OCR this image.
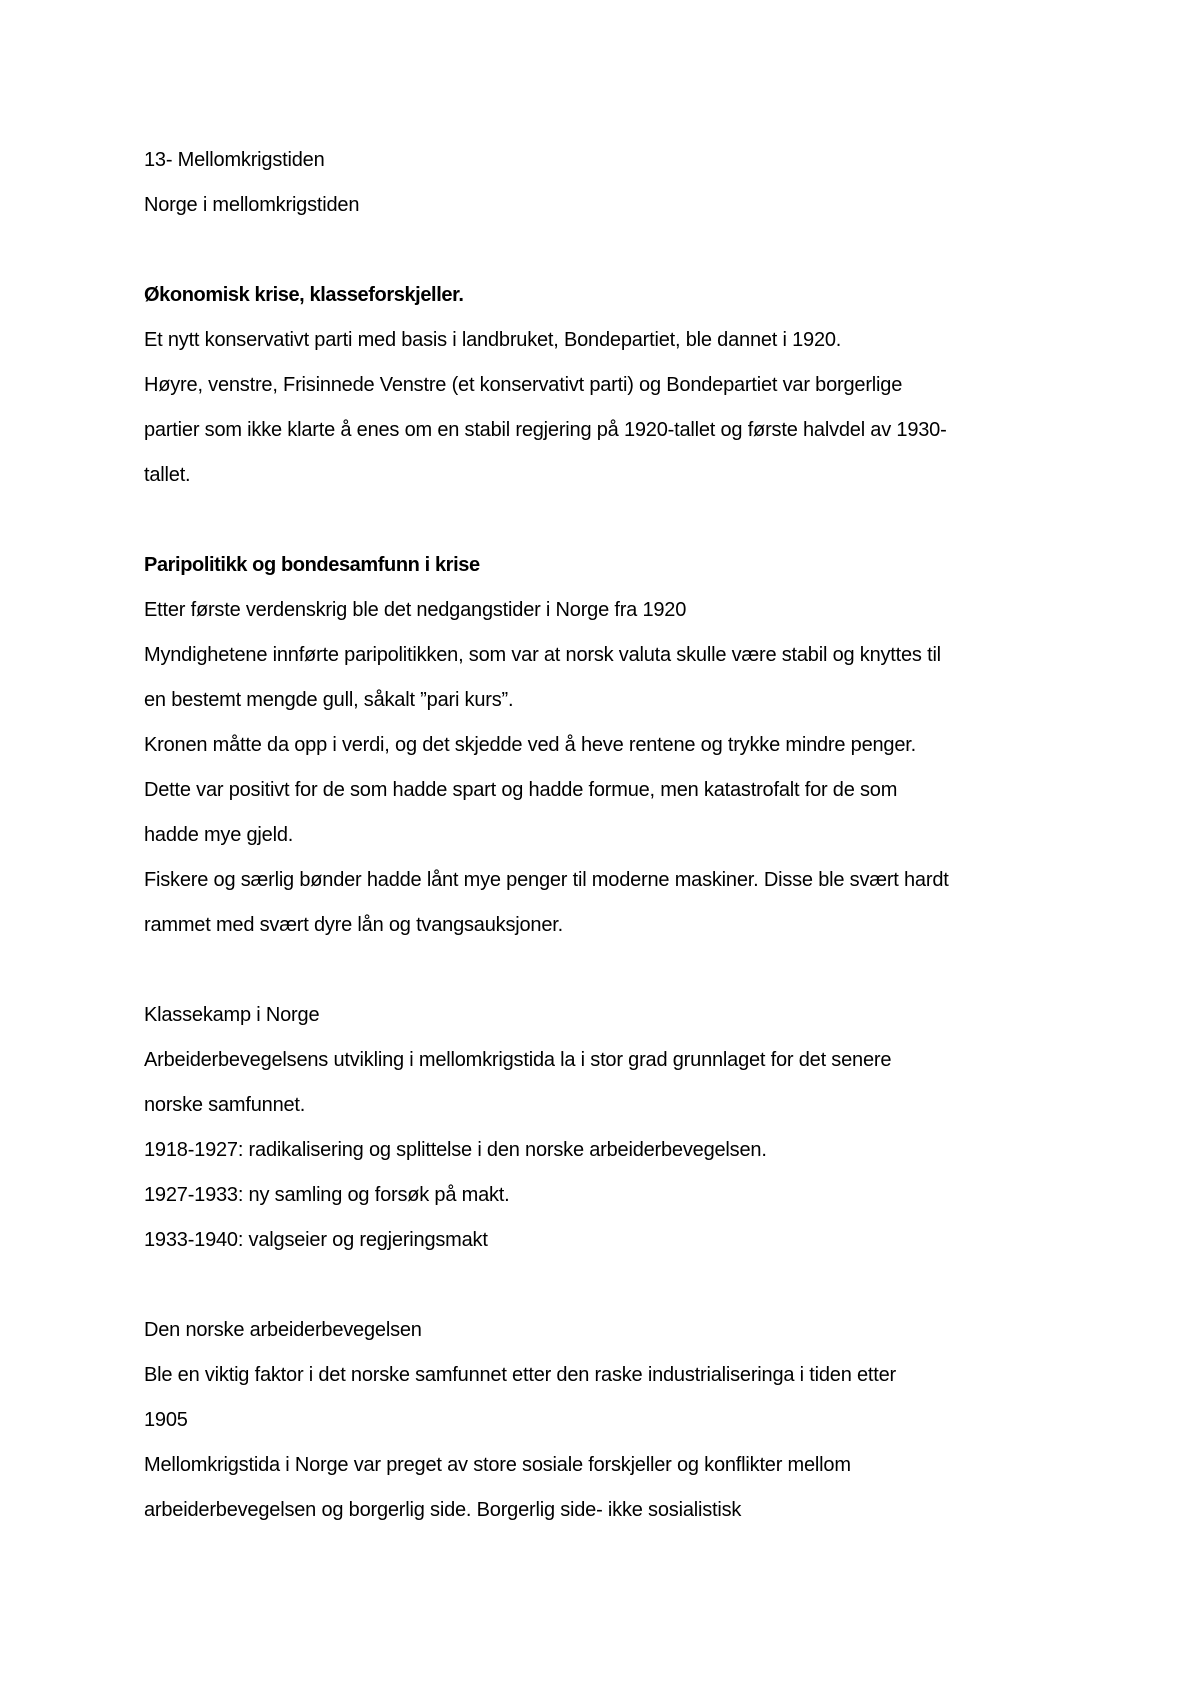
13- Mellomkrigstiden
Norge i mellomkrigstiden
Økonomisk krise, klasseforskjeller.
Et nytt konservativt parti med basis i landbruket, Bondepartiet, ble dannet i 1920.
Høyre, venstre, Frisinnede Venstre (et konservativt parti) og Bondepartiet var borgerlige
partier som ikke klarte å enes om en stabil regjering på 1920-tallet og første halvdel av 1930-
tallet.
Paripolitikk og bondesamfunn i krise
Etter første verdenskrig ble det nedgangstider i Norge fra 1920
Myndighetene innførte paripolitikken, som var at norsk valuta skulle være stabil og knyttes til
en bestemt mengde gull, såkalt ”pari kurs”.
Kronen måtte da opp i verdi, og det skjedde ved å heve rentene og trykke mindre penger.
Dette var positivt for de som hadde spart og hadde formue, men katastrofalt for de som
hadde mye gjeld.
Fiskere og særlig bønder hadde lånt mye penger til moderne maskiner. Disse ble svært hardt
rammet med svært dyre lån og tvangsauksjoner.
Klassekamp i Norge
Arbeiderbevegelsens utvikling i mellomkrigstida la i stor grad grunnlaget for det senere
norske samfunnet.
1918-1927: radikalisering og splittelse i den norske arbeiderbevegelsen.
1927-1933: ny samling og forsøk på makt.
1933-1940: valgseier og regjeringsmakt
Den norske arbeiderbevegelsen
Ble en viktig faktor i det norske samfunnet etter den raske industrialiseringa i tiden etter
1905
Mellomkrigstida i Norge var preget av store sosiale forskjeller og konflikter mellom
arbeiderbevegelsen og borgerlig side. Borgerlig side- ikke sosialistisk
